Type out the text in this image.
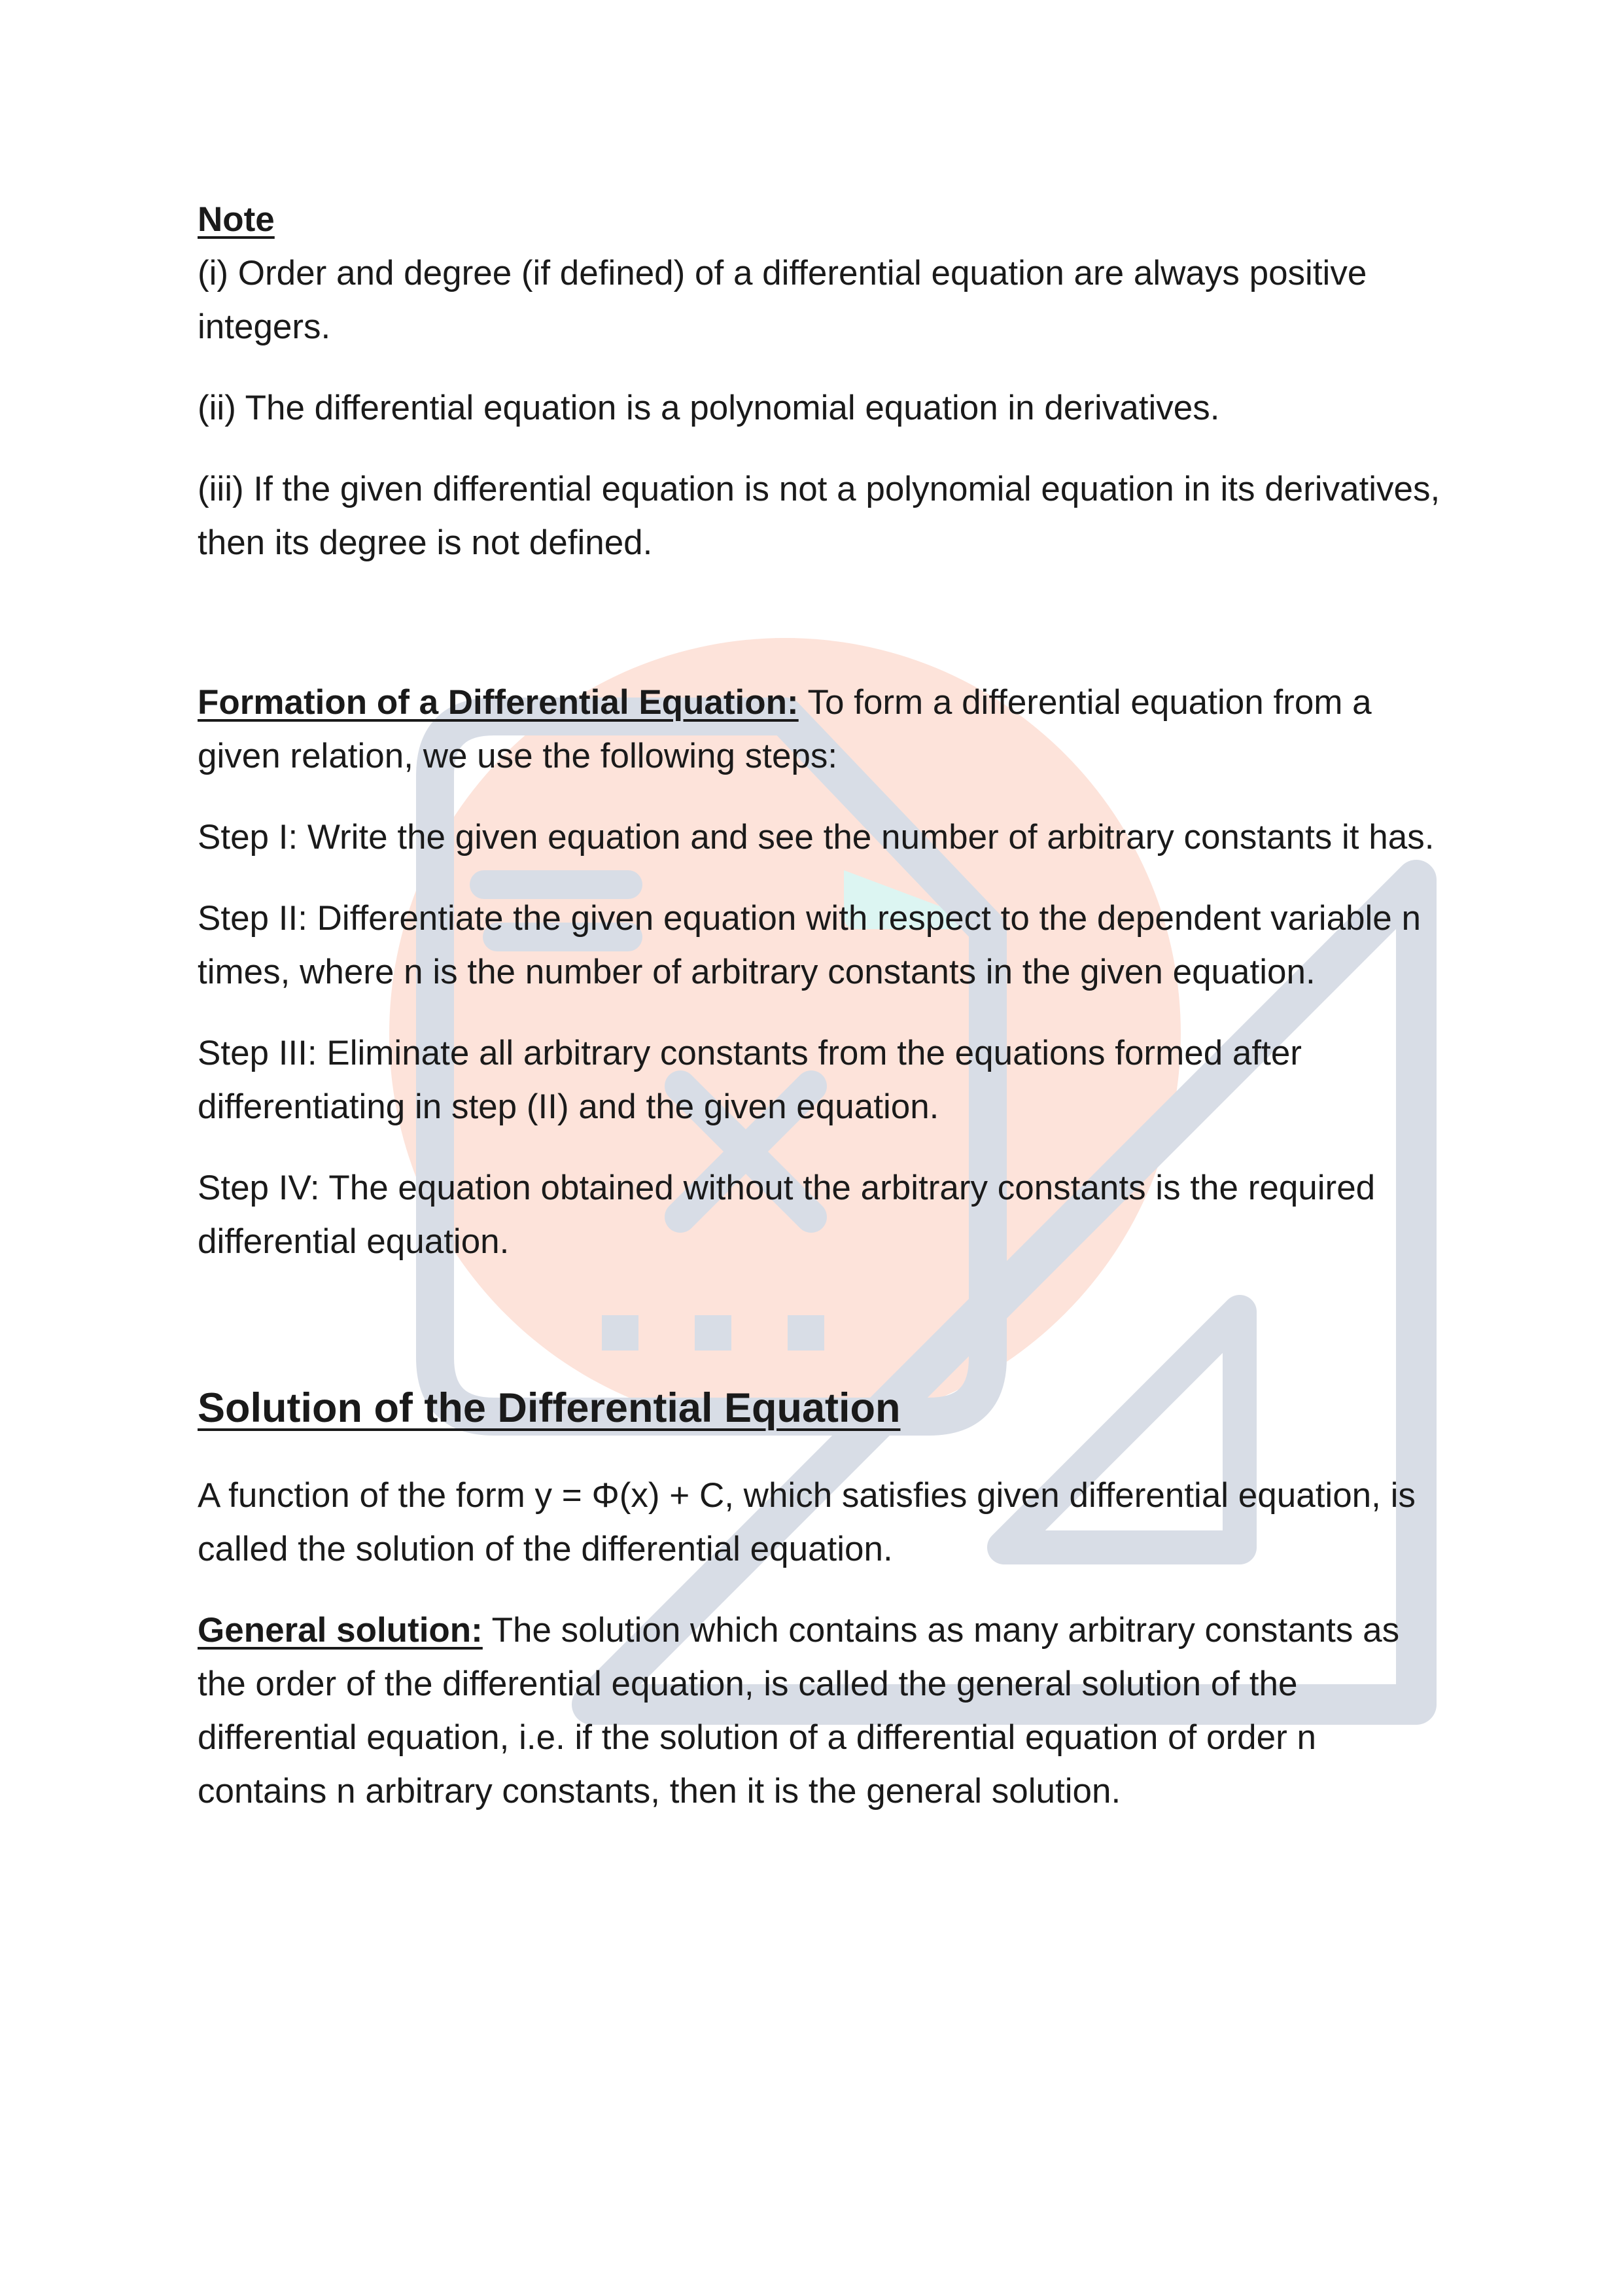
Note

(i) Order and degree (if defined) of a differential equation are always positive integers.

(ii) The differential equation is a polynomial equation in derivatives.

(iii) If the given differential equation is not a polynomial equation in its derivatives, then its degree is not defined.

Formation of a Differential Equation: To form a differential equation from a given relation, we use the following steps:

Step I: Write the given equation and see the number of arbitrary constants it has.

Step II: Differentiate the given equation with respect to the dependent variable n times, where n is the number of arbitrary constants in the given equation.

Step III: Eliminate all arbitrary constants from the equations formed after differentiating in step (II) and the given equation.

Step IV: The equation obtained without the arbitrary constants is the required differential equation.

Solution of the Differential Equation

A function of the form y = Φ(x) + C, which satisfies given differential equation, is called the solution of the differential equation.

General solution: The solution which contains as many arbitrary constants as the order of the differential equation, is called the general solution of the differential equation, i.e. if the solution of a differential equation of order n contains n arbitrary constants, then it is the general solution.
